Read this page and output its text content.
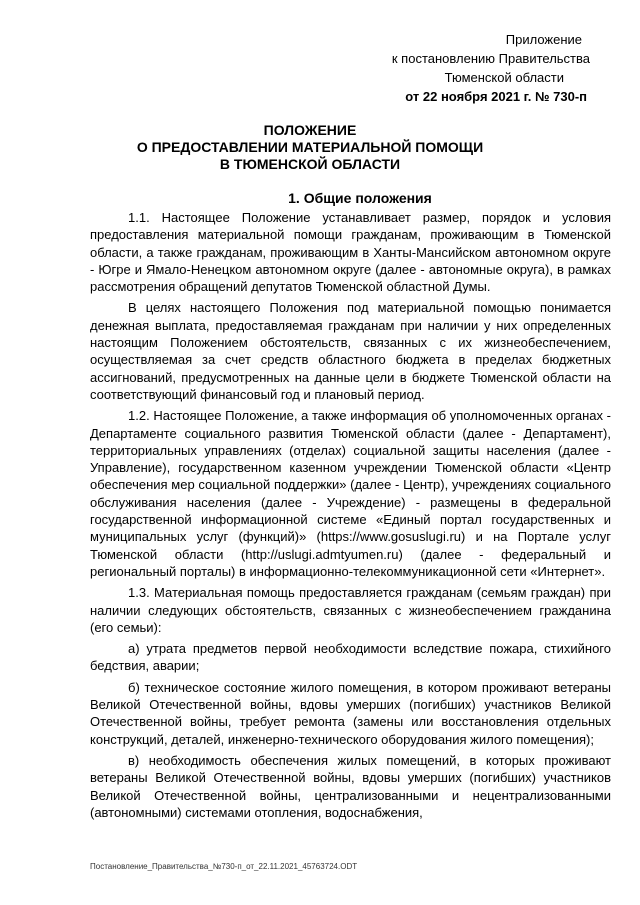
Приложение
к постановлению Правительства
Тюменской области
от 22 ноября 2021 г. № 730-п
ПОЛОЖЕНИЕ
О ПРЕДОСТАВЛЕНИИ МАТЕРИАЛЬНОЙ ПОМОЩИ
В ТЮМЕНСКОЙ ОБЛАСТИ
1. Общие положения

1.1. Настоящее Положение устанавливает размер, порядок и условия предоставления материальной помощи гражданам, проживающим в Тюменской области, а также гражданам, проживающим в Ханты-Мансийском автономном округе - Югре и Ямало-Ненецком автономном округе (далее - автономные округа), в рамках рассмотрения обращений депутатов Тюменской областной Думы.

В целях настоящего Положения под материальной помощью понимается денежная выплата, предоставляемая гражданам при наличии у них определенных настоящим Положением обстоятельств, связанных с их жизнеобеспечением, осуществляемая за счет средств областного бюджета в пределах бюджетных ассигнований, предусмотренных на данные цели в бюджете Тюменской области на соответствующий финансовый год и плановый период.

1.2. Настоящее Положение, а также информация об уполномоченных органах - Департаменте социального развития Тюменской области (далее - Департамент), территориальных управлениях (отделах) социальной защиты населения (далее - Управление), государственном казенном учреждении Тюменской области «Центр обеспечения мер социальной поддержки» (далее - Центр), учреждениях социального обслуживания населения (далее - Учреждение) - размещены в федеральной государственной информационной системе «Единый портал государственных и муниципальных услуг (функций)» (https://www.gosuslugi.ru) и на Портале услуг Тюменской области (http://uslugi.admtyumen.ru) (далее - федеральный и региональный порталы) в информационно-телекоммуникационной сети «Интернет».

1.3. Материальная помощь предоставляется гражданам (семьям граждан) при наличии следующих обстоятельств, связанных с жизнеобеспечением гражданина (его семьи):

а) утрата предметов первой необходимости вследствие пожара, стихийного бедствия, аварии;

б) техническое состояние жилого помещения, в котором проживают ветераны Великой Отечественной войны, вдовы умерших (погибших) участников Великой Отечественной войны, требует ремонта (замены или восстановления отдельных конструкций, деталей, инженерно-технического оборудования жилого помещения);

в) необходимость обеспечения жилых помещений, в которых проживают ветераны Великой Отечественной войны, вдовы умерших (погибших) участников Великой Отечественной войны, централизованными и нецентрализованными (автономными) системами отопления, водоснабжения,

Постановление_Правительства_№730-п_от_22.11.2021_45763724.ODT
